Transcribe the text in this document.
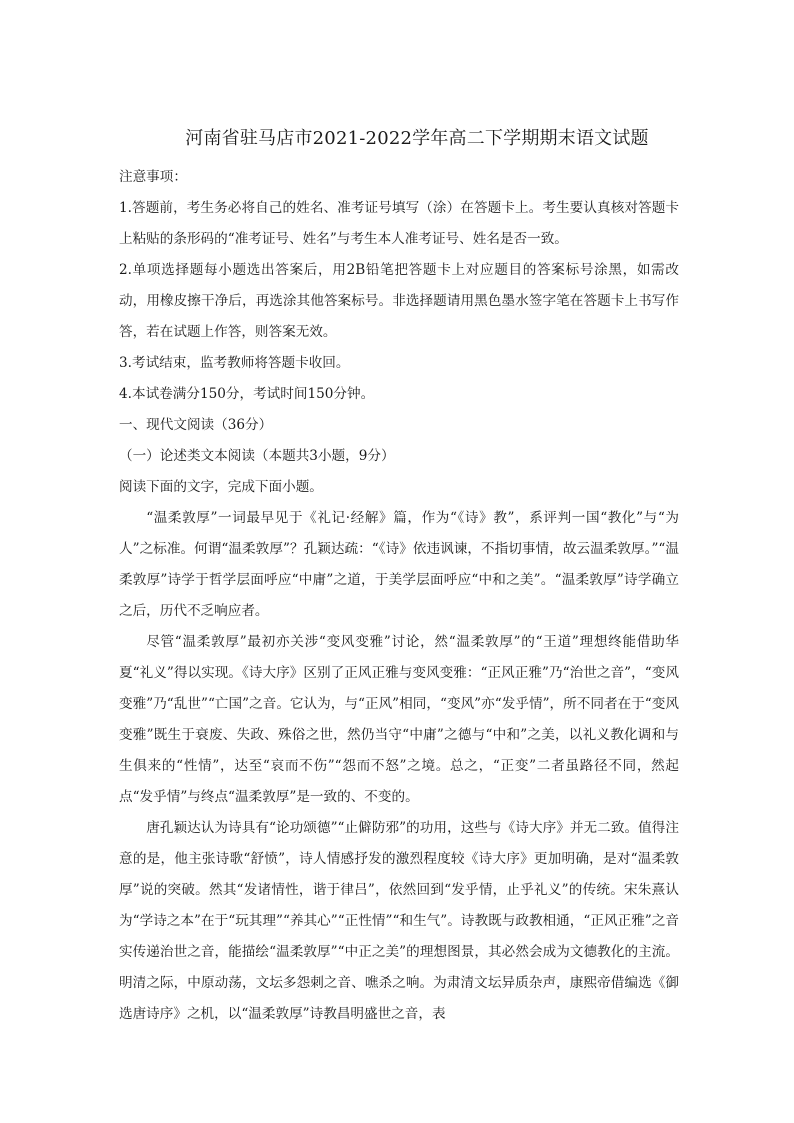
河南省驻马店市2021-2022学年高二下学期期末语文试题

注意事项：

1.答题前，考生务必将自己的姓名、准考证号填写（涂）在答题卡上。考生要认真核对答题卡上粘贴的条形码的“准考证号、姓名”与考生本人准考证号、姓名是否一致。

2.单项选择题每小题选出答案后，用2B铅笔把答题卡上对应题目的答案标号涂黑，如需改动，用橡皮擦干净后，再选涂其他答案标号。非选择题请用黑色墨水签字笔在答题卡上书写作答，若在试题上作答，则答案无效。

3.考试结束，监考教师将答题卡收回。

4.本试卷满分150分，考试时间150分钟。

一、现代文阅读（36分）

（一）论述类文本阅读（本题共3小题，9分）

阅读下面的文字，完成下面小题。

“温柔敦厚”一词最早见于《礼记·经解》篇，作为“《诗》教”，系评判一国“教化”与“为人”之标准。何谓“温柔敦厚”？孔颖达疏：“《诗》依违讽谏，不指切事情，故云温柔敦厚。”“温柔敦厚”诗学于哲学层面呼应“中庸”之道，于美学层面呼应“中和之美”。“温柔敦厚”诗学确立之后，历代不乏响应者。

尽管“温柔敦厚”最初亦关涉“变风变雅”讨论，然“温柔敦厚”的“王道”理想终能借助华夏“礼义”得以实现。《诗大序》区别了正风正雅与变风变雅：“正风正雅”乃“治世之音”，“变风变雅”乃“乱世”“亡国”之音。它认为，与“正风”相同，“变风”亦“发乎情”，所不同者在于“变风变雅”既生于衰废、失政、殊俗之世，然仍当守“中庸”之德与“中和”之美，以礼义教化调和与生俱来的“性情”，达至“哀而不伤”“怨而不怒”之境。总之，“正变”二者虽路径不同，然起点“发乎情”与终点“温柔敦厚”是一致的、不变的。

唐孔颖达认为诗具有“论功颂德”“止僻防邪”的功用，这些与《诗大序》并无二致。值得注意的是，他主张诗歌“舒愤”，诗人情感抒发的激烈程度较《诗大序》更加明确，是对“温柔敦厚”说的突破。然其“发诸情性，谐于律吕”，依然回到“发乎情，止乎礼义”的传统。宋朱熹认为“学诗之本”在于“玩其理”“养其心”“正性情”“和生气”。诗教既与政教相通，“正风正雅”之音实传递治世之音，能描绘“温柔敦厚”“中正之美”的理想图景，其必然会成为文德教化的主流。明清之际，中原动荡，文坛多怨刺之音、噍杀之响。为肃清文坛异质杂声，康熙帝借编选《御选唐诗序》之机，以“温柔敦厚”诗教昌明盛世之音，表
